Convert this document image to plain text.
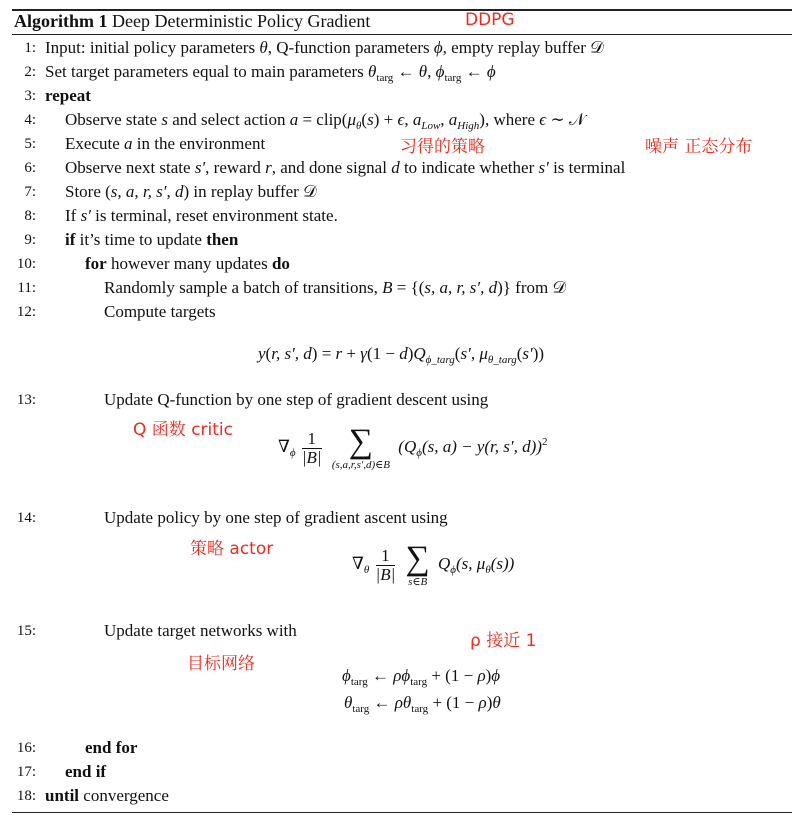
Algorithm 1 Deep Deterministic Policy Gradient
1: Input: initial policy parameters θ, Q-function parameters ϕ, empty replay buffer 𝒟
2: Set target parameters equal to main parameters $\theta_{targ}$ ← θ, $\phi_{targ}$ ← ϕ
3: repeat
4: Observe state s and select action $a = clip(\mu_\theta(s) + \epsilon$, $a_{Low}$, $a_{High}$), where ϵ ∼ 𝒩
5: Execute a in the environment
6: Observe next state s′, reward r, and done signal d to indicate whether s′ is terminal
7: Store (s, a, r, s′, d) in replay buffer 𝒟
8: If s′ is terminal, reset environment state.
9: if it’s time to update then
10:	for however many updates do
11:	Randomly sample a batch of transitions, B = {(s, a, r, s′, d)} from 𝒟
12:	Compute targets
13:	Update Q-function by one step of gradient descent using
14:	Update policy by one step of gradient ascent using
15:	Update target networks with
16:	end for
17: end if
18: until convergence
y(r, s′, $d) = r + \gamma(1 - d)Q_{\phi\_targ}(s'$, $\mu_{\theta\_targ}(s')$)
$\nabla_\phi \frac{1}{|B|}$
∑
(s,a,r,s′,d)∈B
($Q_\phi(s$, a) − y(r, s′, d))$^2$
$\nabla_\theta \frac{1}{|B|}$
∑
s∈B
$Q_\phi(s$, $\mu_\theta(s)$)
$\phi_{targ}$ ← $\rho\phi_{targ} + (1 - \rho)\phi$
$\theta_{targ}$ ← $\rho\theta_{targ} + (1 - \rho)\theta$
DDPG
习得的策略	噪声 正态分布
Q 函数 critic
策略 actor
ρ 接近 1
目标网络
